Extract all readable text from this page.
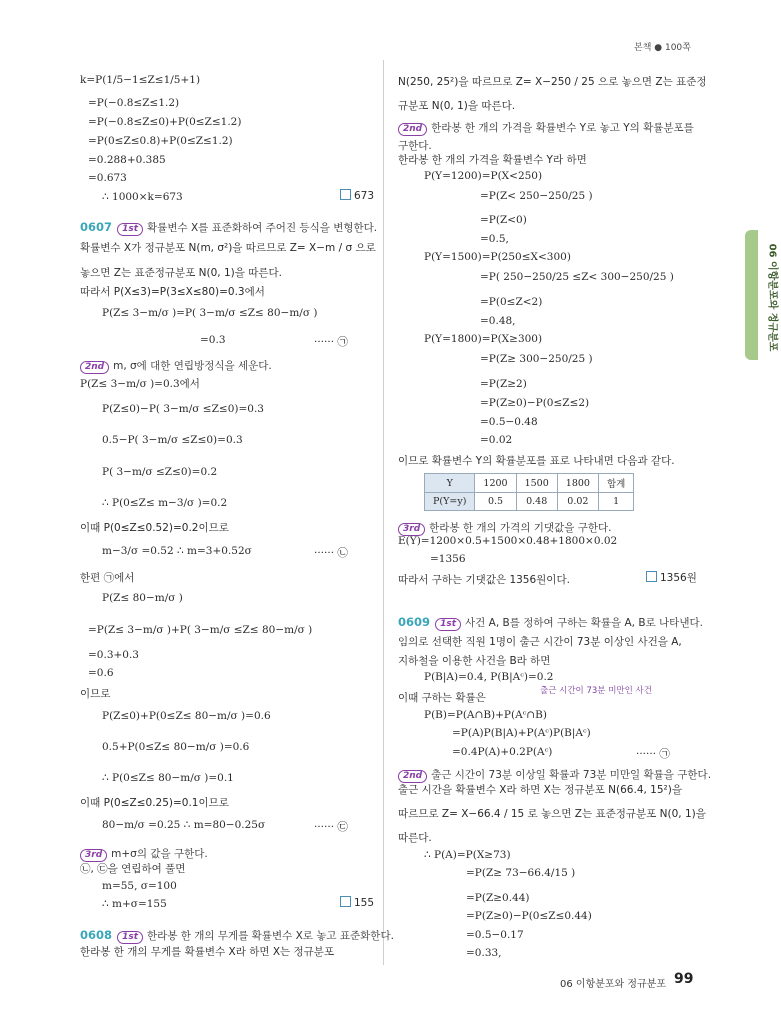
본책 ● 100쪽
06 이항분포와 정규분포
k=P(1/5−1≤Z≤1/5+1)
=P(−0.8≤Z≤1.2)
=P(−0.8≤Z≤0)+P(0≤Z≤1.2)
=P(0≤Z≤0.8)+P(0≤Z≤1.2)
=0.288+0.385
=0.673
∴ 1000×k=673	673
0607 1st 확률변수 X를 표준화하여 주어진 등식을 변형한다.
확률변수 X가 정규분포 N(m, σ²)을 따르므로 Z= X−m / σ 으로
놓으면 Z는 표준정규분포 N(0, 1)을 따른다.
따라서 P(X≤3)=P(3≤X≤80)=0.3에서
P(Z≤ 3−m/σ )=P( 3−m/σ ≤Z≤ 80−m/σ )
=0.3	······ ㉠
2nd m, σ에 대한 연립방정식을 세운다.
P(Z≤ 3−m/σ )=0.3에서
P(Z≤0)−P( 3−m/σ ≤Z≤0)=0.3
0.5−P( 3−m/σ ≤Z≤0)=0.3
P( 3−m/σ ≤Z≤0)=0.2
∴ P(0≤Z≤ m−3/σ )=0.2
이때 P(0≤Z≤0.52)=0.2이므로
m−3/σ =0.52 ∴ m=3+0.52σ	······ ㉡
한편 ㉠에서
P(Z≤ 80−m/σ )
=P(Z≤ 3−m/σ )+P( 3−m/σ ≤Z≤ 80−m/σ )
=0.3+0.3
=0.6
이므로
P(Z≤0)+P(0≤Z≤ 80−m/σ )=0.6
0.5+P(0≤Z≤ 80−m/σ )=0.6
∴ P(0≤Z≤ 80−m/σ )=0.1
이때 P(0≤Z≤0.25)=0.1이므로
80−m/σ =0.25 ∴ m=80−0.25σ	······ ㉢
3rd m+σ의 값을 구한다.
㉡, ㉢을 연립하여 풀면
m=55, σ=100
∴ m+σ=155	155
0608 1st 한라봉 한 개의 무게를 확률변수 X로 놓고 표준화한다.
한라봉 한 개의 무게를 확률변수 X라 하면 X는 정규분포
N(250, 25²)을 따르므로 Z= X−250 / 25 으로 놓으면 Z는 표준정
규분포 N(0, 1)을 따른다.
2nd 한라봉 한 개의 가격을 확률변수 Y로 놓고 Y의 확률분포를 구한다.
한라봉 한 개의 가격을 확률변수 Y라 하면
P(Y=1200)=P(X<250)
=P(Z< 250−250/25 )
=P(Z<0)
=0.5,
P(Y=1500)=P(250≤X<300)
=P( 250−250/25 ≤Z< 300−250/25 )
=P(0≤Z<2)
=0.48,
P(Y=1800)=P(X≥300)
=P(Z≥ 300−250/25 )
=P(Z≥2)
=P(Z≥0)−P(0≤Z≤2)
=0.5−0.48
=0.02
이므로 확률변수 Y의 확률분포를 표로 나타내면 다음과 같다.
Y	1200	1500	1800	합계
P(Y=y)	0.5	0.48	0.02	1
3rd 한라봉 한 개의 가격의 기댓값을 구한다.
E(Y)=1200×0.5+1500×0.48+1800×0.02
=1356
따라서 구하는 기댓값은 1356원이다.	1356원
0609 1st 사건 A, B를 정하여 구하는 확률을 A, B로 나타낸다.
임의로 선택한 직원 1명이 출근 시간이 73분 이상인 사건을 A,
지하철을 이용한 사건을 B라 하면
P(B|A)=0.4, P(B|Aᶜ)=0.2
출근 시간이 73분 미만인 사건
이때 구하는 확률은
P(B)=P(A∩B)+P(Aᶜ∩B)
=P(A)P(B|A)+P(Aᶜ)P(B|Aᶜ)
=0.4P(A)+0.2P(Aᶜ)	······ ㉠
2nd 출근 시간이 73분 이상일 확률과 73분 미만일 확률을 구한다.
출근 시간을 확률변수 X라 하면 X는 정규분포 N(66.4, 15²)을
따르므로 Z= X−66.4 / 15 로 놓으면 Z는 표준정규분포 N(0, 1)을
따른다.
∴ P(A)=P(X≥73)
=P(Z≥ 73−66.4/15 )
=P(Z≥0.44)
=P(Z≥0)−P(0≤Z≤0.44)
=0.5−0.17
=0.33,
06 이항분포와 정규분포 99
